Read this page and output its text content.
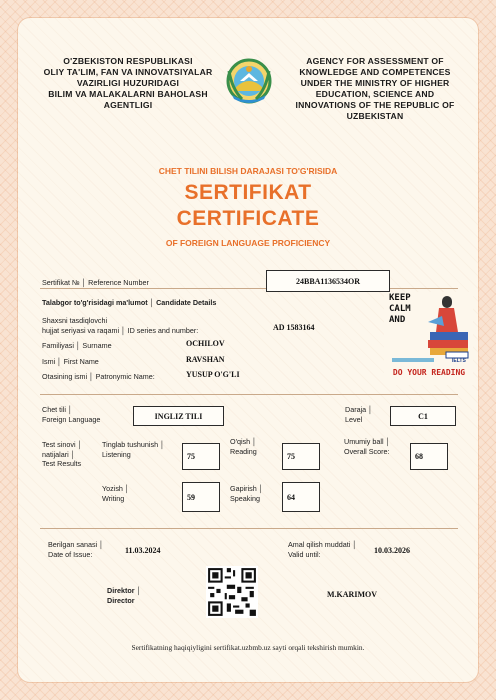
O'ZBEKISTON RESPUBLIKASI
OLIY TA'LIM, FAN VA INNOVATSIYALAR
VAZIRLIGI HUZURIDAGI
BILIM VA MALAKALARNI BAHOLASH
AGENTLIGI
AGENCY FOR ASSESSMENT OF
KNOWLEDGE AND COMPETENCES
UNDER THE MINISTRY OF HIGHER
EDUCATION, SCIENCE AND
INNOVATIONS OF THE REPUBLIC OF
UZBEKISTAN
CHET TILINI BILISH DARAJASI TO'G'RISIDA
SERTIFIKAT
CERTIFICATE
OF FOREIGN LANGUAGE PROFICIENCY
Sertifikat № │ Reference Number	24BBA1136534OR
Talabgor to'g'risidagi ma'lumot │ Candidate Details
Shaxsni tasdiqlovchi
hujjat seriyasi va raqami │ ID series and number:	AD 1583164
Familiyasi │ Surname	OCHILOV
Ismi │ First Name	RAVSHAN
Otasining ismi │ Patronymic Name:	YUSUP O'G'LI
KEEP
CALM
AND
IELTS
DO YOUR READING
Chet tili │
Foreign Language	INGLIZ TILI
Daraja │
Level	C1
Test sinovi │
natijalari │
Test Results
Tinglab tushunish │
Listening	75
O'qish │
Reading
75
Umumiy ball │
Overall Score:
68
Yozish │
Writing	59
Gapirish │
Speaking	64
Berilgan sanasi │
Date of Issue:	11.03.2024
Amal qilish muddati │
Valid until:	10.03.2026
Direktor │
Director
M.KARIMOV
Sertifikatning haqiqiyligini sertifikat.uzbmb.uz sayti orqali tekshirish mumkin.
